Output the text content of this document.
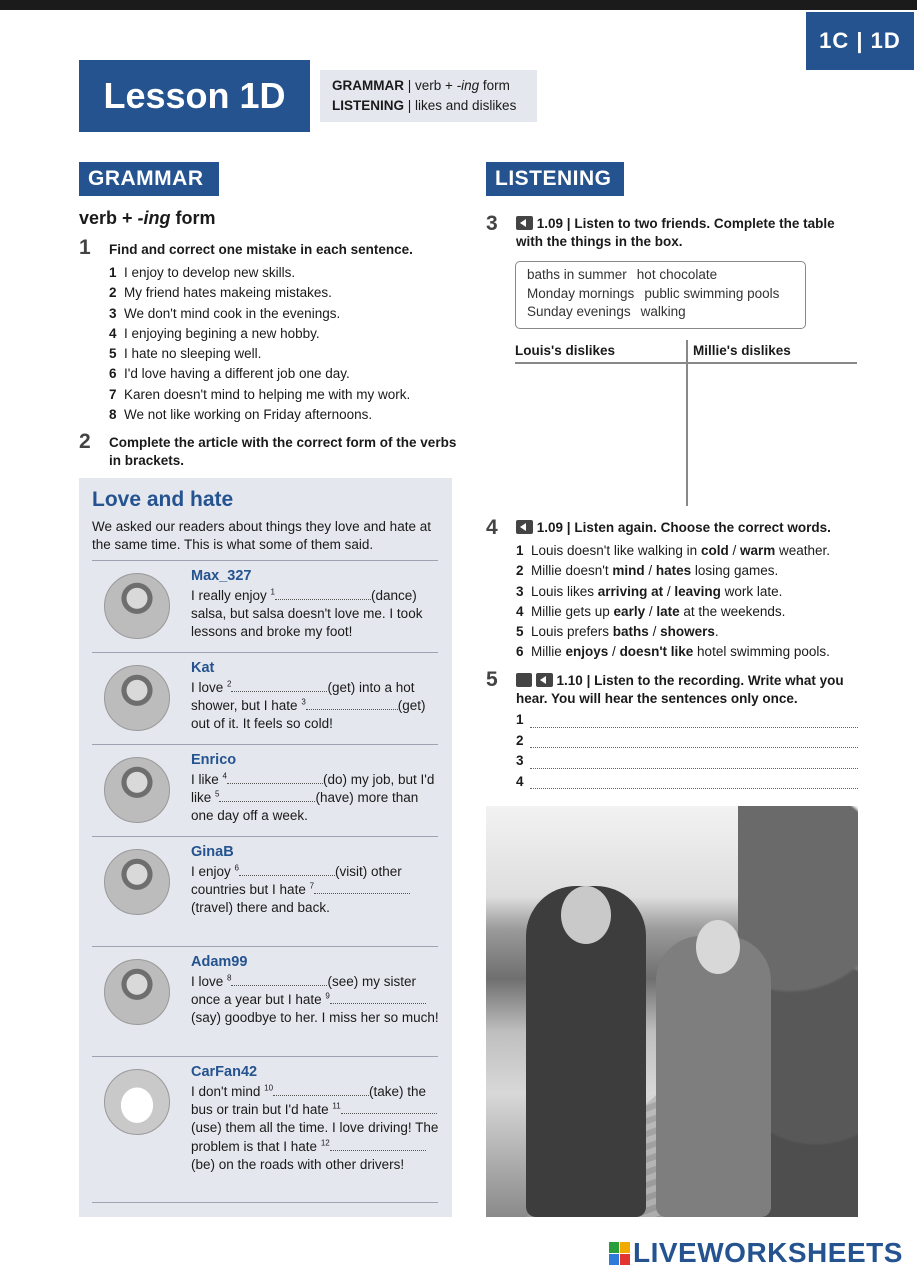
1C | 1D
Lesson 1D	GRAMMAR | verb + -ing form
LISTENING | likes and dislikes
GRAMMAR
verb + -ing form
1 Find and correct one mistake in each sentence.
1 I enjoy to develop new skills.
2 My friend hates makeing mistakes.
3 We don't mind cook in the evenings.
4 I enjoying begining a new hobby.
5 I hate no sleeping well.
6 I'd love having a different job one day.
7 Karen doesn't mind to helping me with my work.
8 We not like working on Friday afternoons.
2 Complete the article with the correct form of the verbs in brackets.
Love and hate
We asked our readers about things they love and hate at the same time. This is what some of them said.
Max_327
I really enjoy $^1$	(dance) salsa, but salsa doesn't love me. I took lessons and broke my foot!
Kat
I love $^2$	(get) into a hot shower, but I hate $^3$	(get) out of it. It feels so cold!
Enrico
I like $^4$	(do) my job, but I'd like $^5$	(have) more than one day off a week.
GinaB
I enjoy $^6$	(visit) other countries but I hate $^7$(travel) there and back.
Adam99
I love $^8$	(see) my sister once a year but I hate $^9$(say) goodbye to her. I miss her so much!
CarFan42
I don't mind $^{10}$	(take) the bus or train but I'd hate $^{11}$(use) them all the time. I love driving! The problem is that I hate $^{12}$(be) on the roads with other drivers!
LISTENING
3	1.09 | Listen to two friends. Complete the table with the things in the box.
baths in summer hot chocolate
Monday mornings public swimming pools
Sunday evenings walking
Louis's dislikes	Millie's dislikes
4	1.09 | Listen again. Choose the correct words.
1 Louis doesn't like walking in cold / warm weather.
2 Millie doesn't mind / hates losing games.
3 Louis likes arriving at / leaving work late.
4 Millie gets up early / late at the weekends.
5 Louis prefers baths / showers.
6 Millie enjoys / doesn't like hotel swimming pools.
5	1.10 | Listen to the recording. Write what you hear. You will hear the sentences only once.
1
2
3
4
LIVEWORKSHEETS
